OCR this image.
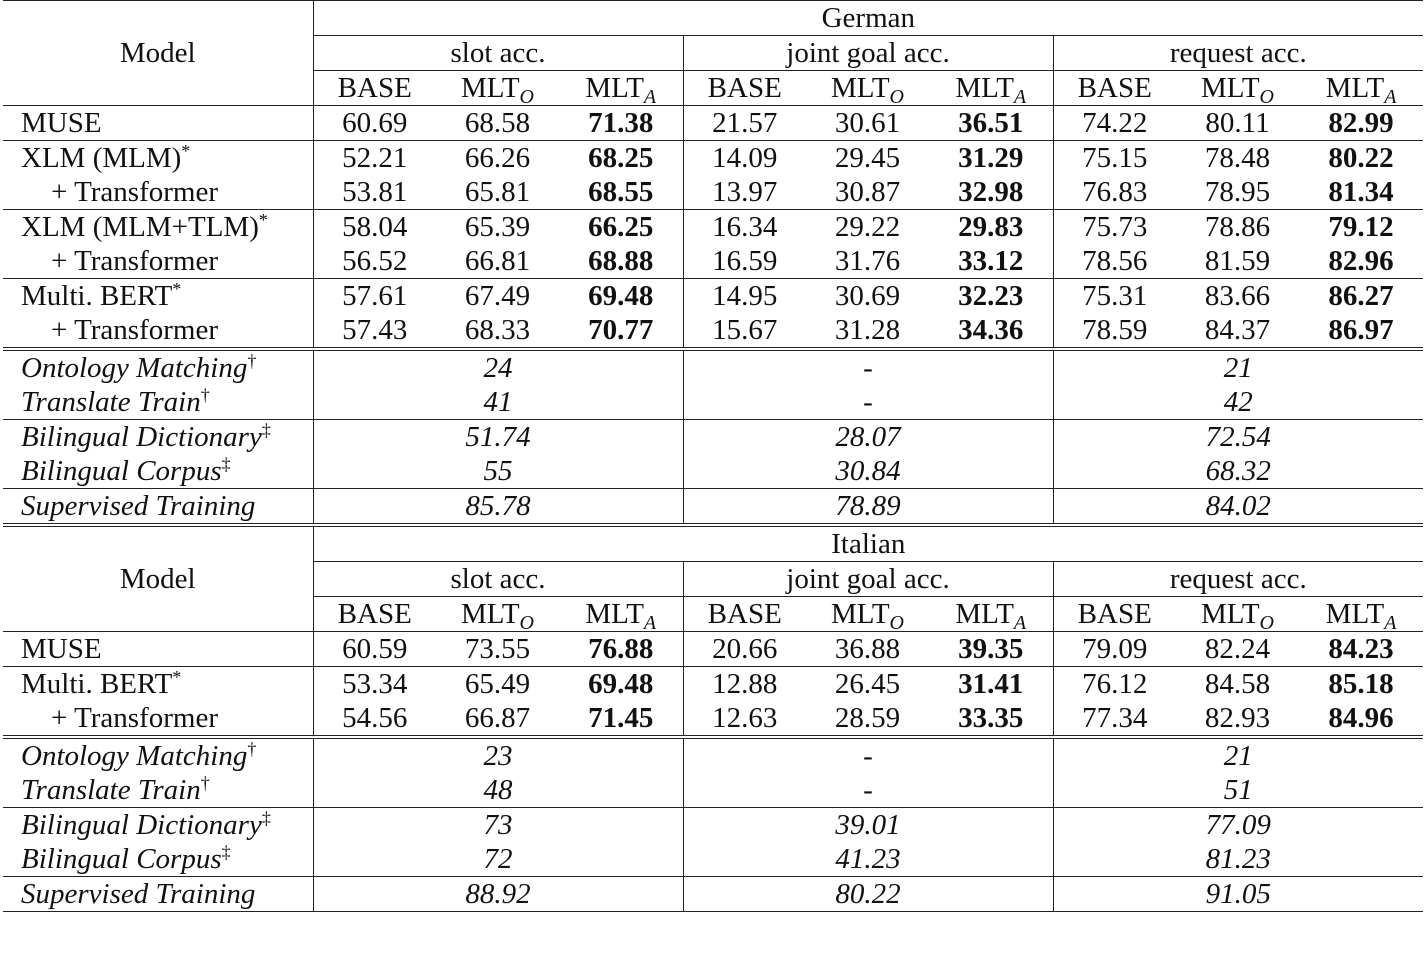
Model	German								
	slot acc.			joint goal acc.			request acc.		
	BASE	$MLT_O$	$MLT_A$	BASE	$MLT_O$	$MLT_A$	BASE	$MLT_O$	$MLT_A$
MUSE	60.69	68.58	71.38	21.57	30.61	36.51	74.22	80.11	82.99
XLM (MLM)*	52.21	66.26	68.25	14.09	29.45	31.29	75.15	78.48	80.22
+ Transformer	53.81	65.81	68.55	13.97	30.87	32.98	76.83	78.95	81.34
XLM (MLM+TLM)*	58.04	65.39	66.25	16.34	29.22	29.83	75.73	78.86	79.12
+ Transformer	56.52	66.81	68.88	16.59	31.76	33.12	78.56	81.59	82.96
Multi. BERT*	57.61	67.49	69.48	14.95	30.69	32.23	75.31	83.66	86.27
+ Transformer	57.43	68.33	70.77	15.67	31.28	34.36	78.59	84.37	86.97
Ontology Matching†	24			-			21		
Translate Train†	41			-			42		
Bilingual Dictionary‡	51.74			28.07			72.54		
Bilingual Corpus‡	55			30.84			68.32		
Supervised Training	85.78			78.89			84.02		
Model	Italian								
	slot acc.			joint goal acc.			request acc.		
	BASE	$MLT_O$	$MLT_A$	BASE	$MLT_O$	$MLT_A$	BASE	$MLT_O$	$MLT_A$
MUSE	60.59	73.55	76.88	20.66	36.88	39.35	79.09	82.24	84.23
Multi. BERT*	53.34	65.49	69.48	12.88	26.45	31.41	76.12	84.58	85.18
+ Transformer	54.56	66.87	71.45	12.63	28.59	33.35	77.34	82.93	84.96
Ontology Matching†	23			-			21		
Translate Train†	48			-			51		
Bilingual Dictionary‡	73			39.01			77.09		
Bilingual Corpus‡	72			41.23			81.23		
Supervised Training	88.92			80.22			91.05		
